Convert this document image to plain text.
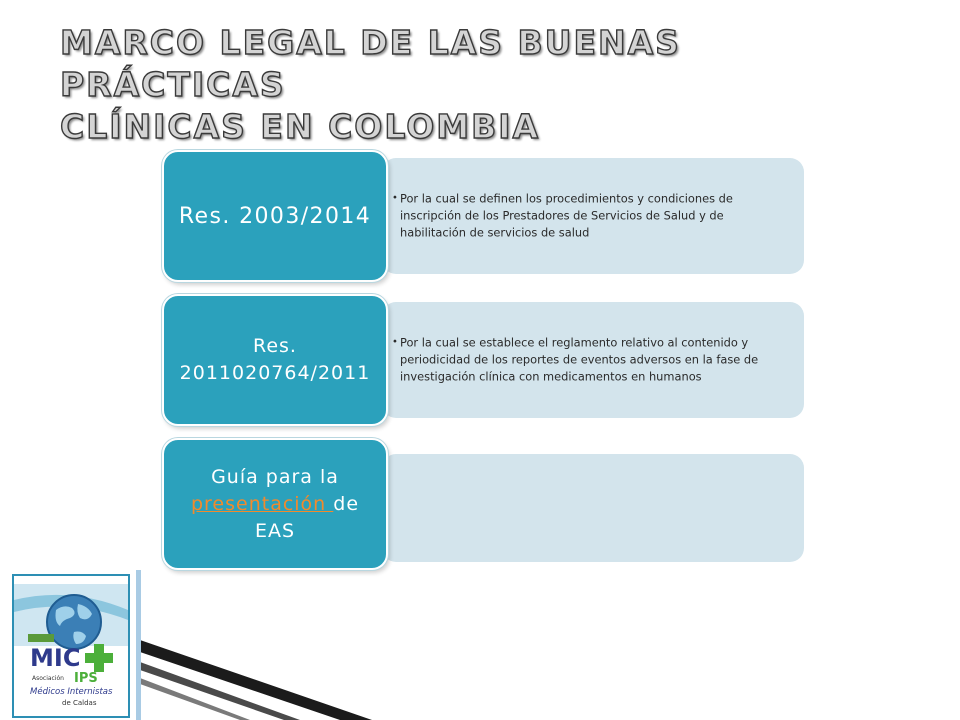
MARCO LEGAL DE LAS BUENAS PRÁCTICAS
CLÍNICAS EN COLOMBIA
• Por la cual se definen los procedimientos y condiciones de inscripción de los Prestadores de Servicios de Salud y de habilitación de servicios de salud
Res. 2003/2014
• Por la cual se establece el reglamento relativo al contenido y periodicidad de los reportes de eventos adversos en la fase de investigación clínica con medicamentos en humanos
Res. 2011020764/2011
Guía para la
presentación de EAS
MIC
Asociación IPS
Médicos Internistas
de Caldas
